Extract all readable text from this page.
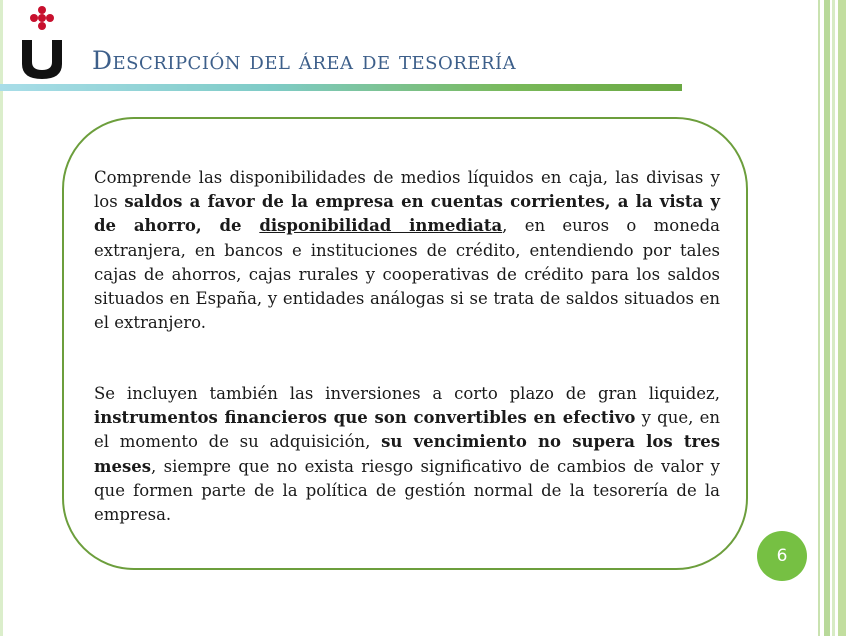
Descripción del área de tesorería

Comprende las disponibilidades de medios líquidos en caja, las divisas y los saldos a favor de la empresa en cuentas corrientes, a la vista y de ahorro, de disponibilidad inmediata, en euros o moneda extranjera, en bancos e instituciones de crédito, entendiendo por tales cajas de ahorros, cajas rurales y cooperativas de crédito para los saldos situados en España, y entidades análogas si se trata de saldos situados en el extranjero.

Se incluyen también las inversiones a corto plazo de gran liquidez, instrumentos financieros que son convertibles en efectivo y que, en el momento de su adquisición, su vencimiento no supera los tres meses, siempre que no exista riesgo significativo de cambios de valor y que formen parte de la política de gestión normal de la tesorería de la empresa.

6
